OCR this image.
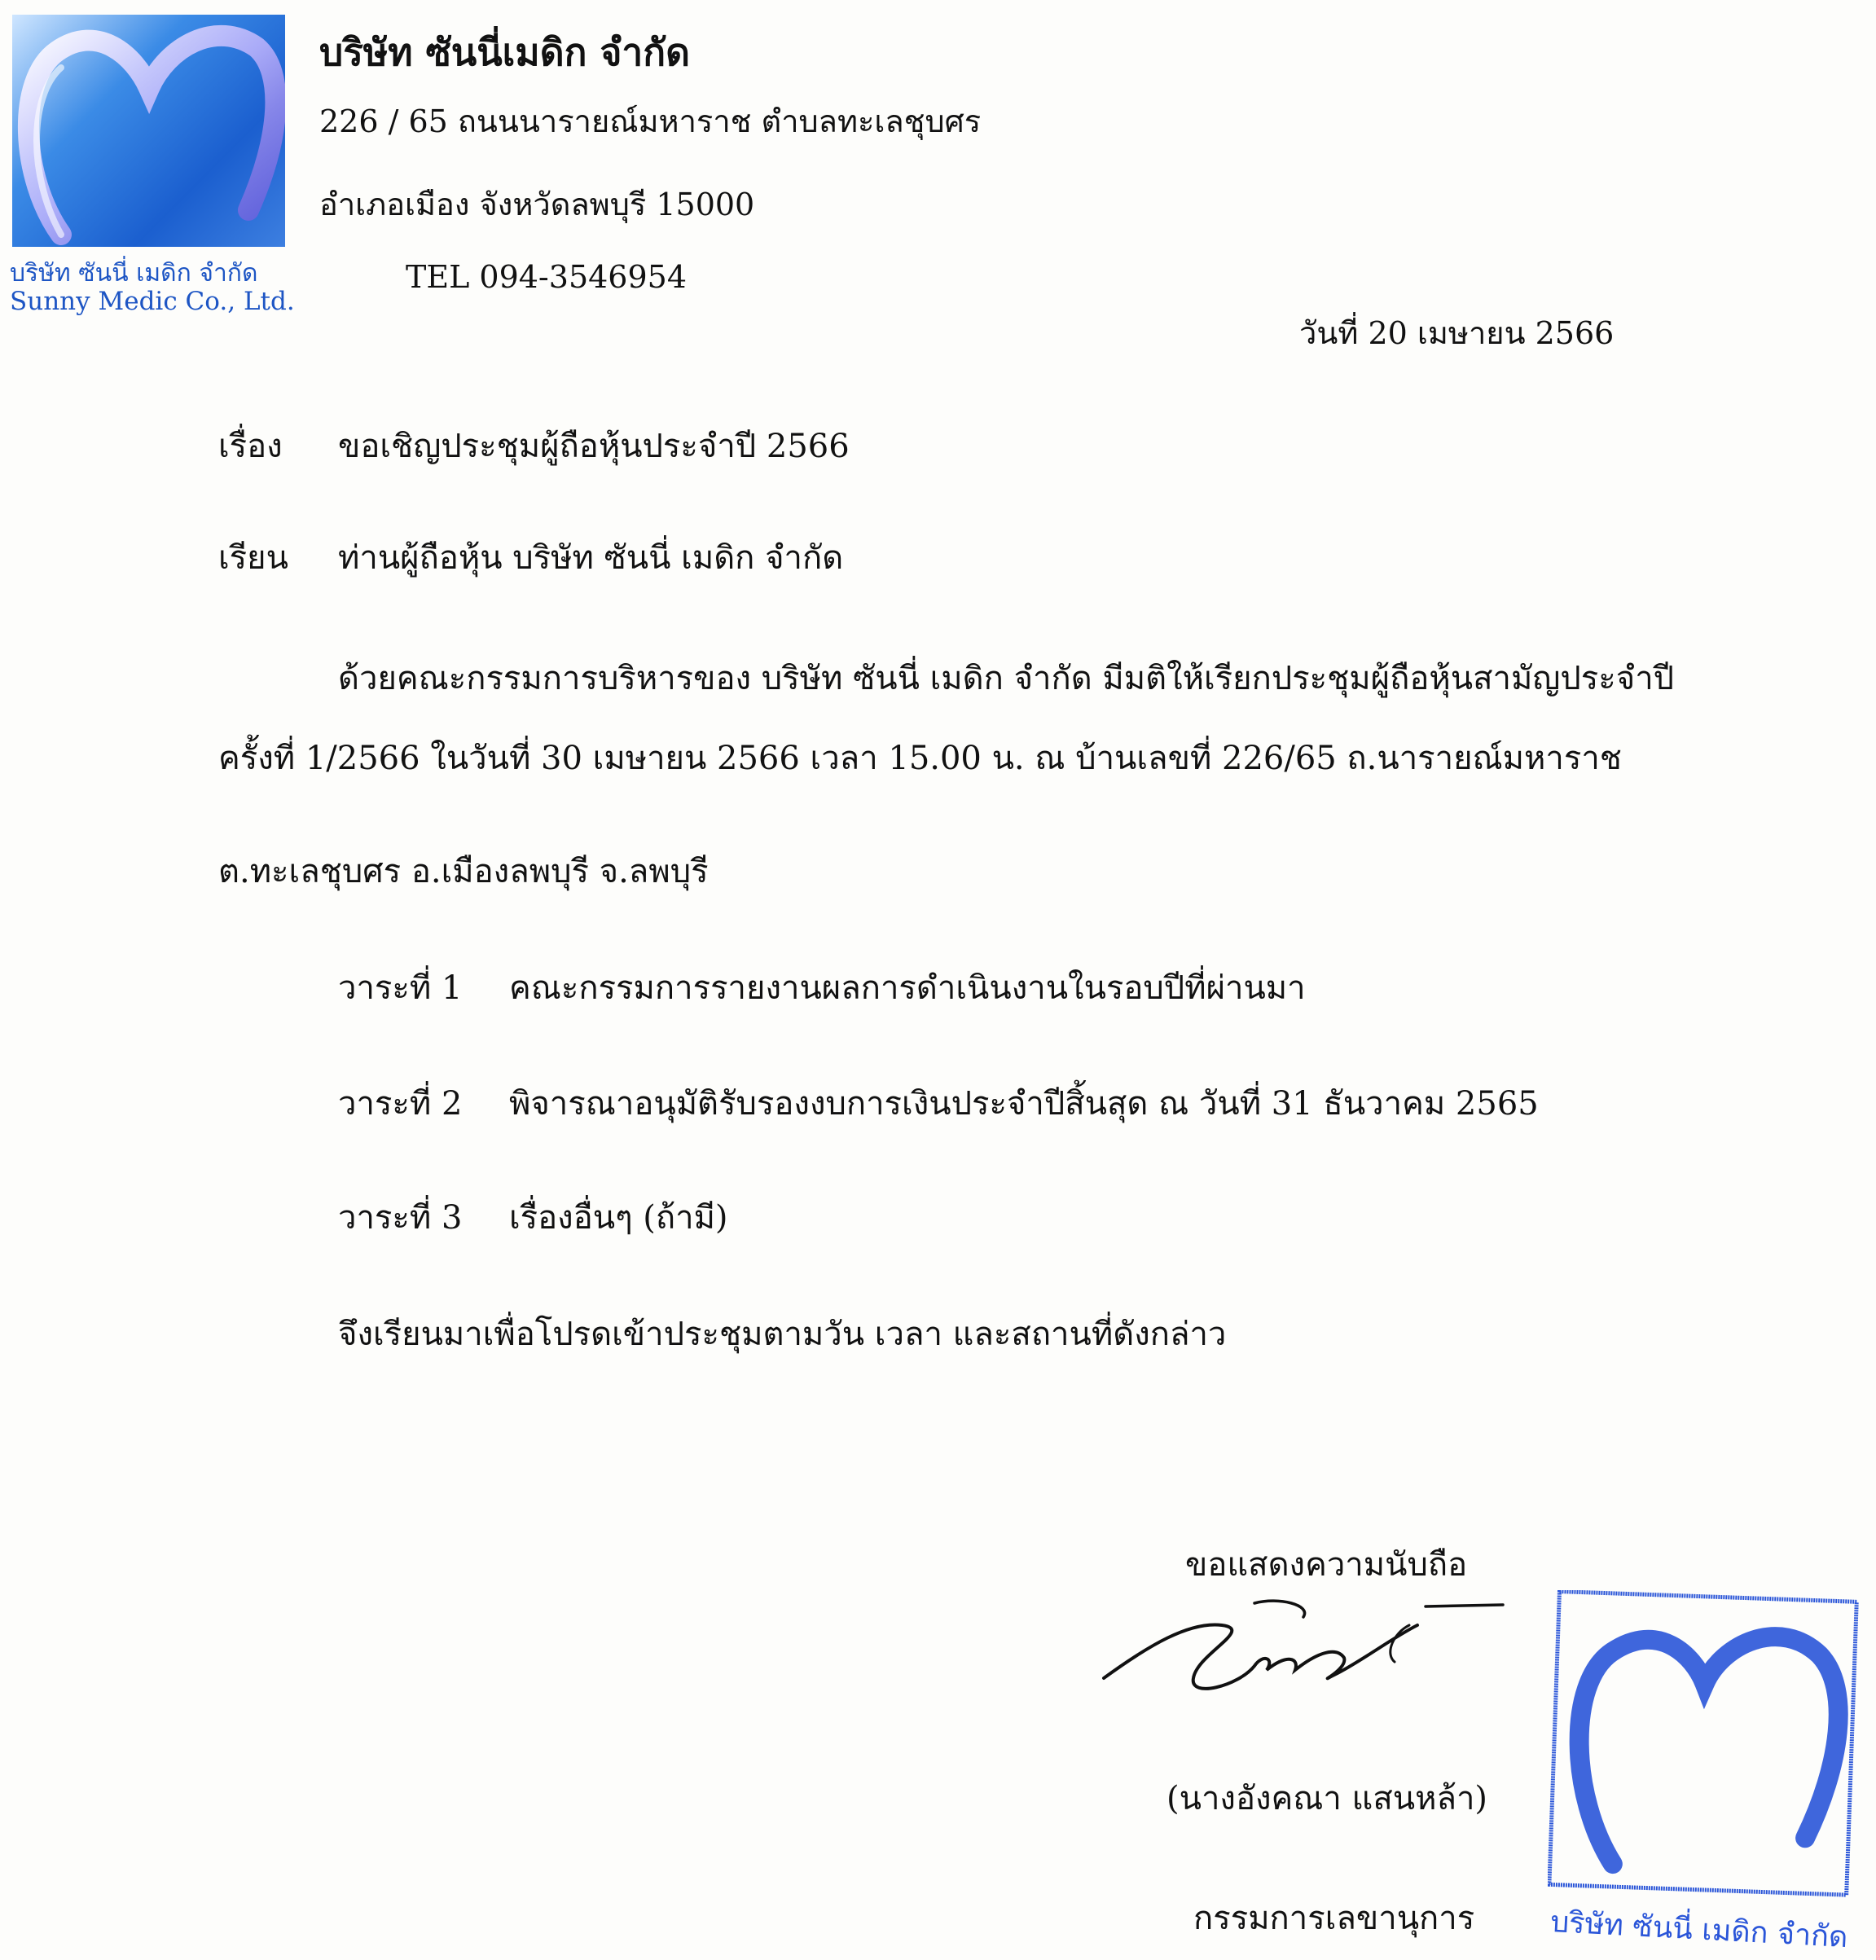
บริษัท ซันนี่ เมดิก จำกัด
Sunny Medic Co., Ltd.
บริษัท ซันนี่เมดิก จำกัด
226 / 65 ถนนนารายณ์มหาราช ตำบลทะเลชุบศร
อำเภอเมือง จังหวัดลพบุรี 15000
TEL 094-3546954
วันที่ 20 เมษายน 2566
เรื่อง ขอเชิญประชุมผู้ถือหุ้นประจำปี 2566
เรียน ท่านผู้ถือหุ้น บริษัท ซันนี่ เมดิก จำกัด
ด้วยคณะกรรมการบริหารของ บริษัท ซันนี่ เมดิก จำกัด มีมติให้เรียกประชุมผู้ถือหุ้นสามัญประจำปี
ครั้งที่ 1/2566 ในวันที่ 30 เมษายน 2566 เวลา 15.00 น. ณ บ้านเลขที่ 226/65 ถ.นารายณ์มหาราช
ต.ทะเลชุบศร อ.เมืองลพบุรี จ.ลพบุรี
วาระที่ 1 คณะกรรมการรายงานผลการดำเนินงานในรอบปีที่ผ่านมา
วาระที่ 2 พิจารณาอนุมัติรับรองงบการเงินประจำปีสิ้นสุด ณ วันที่ 31 ธันวาคม 2565
วาระที่ 3 เรื่องอื่นๆ (ถ้ามี)
จึงเรียนมาเพื่อโปรดเข้าประชุมตามวัน เวลา และสถานที่ดังกล่าว
ขอแสดงความนับถือ
(นางอังคณา แสนหล้า)
กรรมการเลขานุการ	บริษัท ซันนี่ เมดิก จำกัด
